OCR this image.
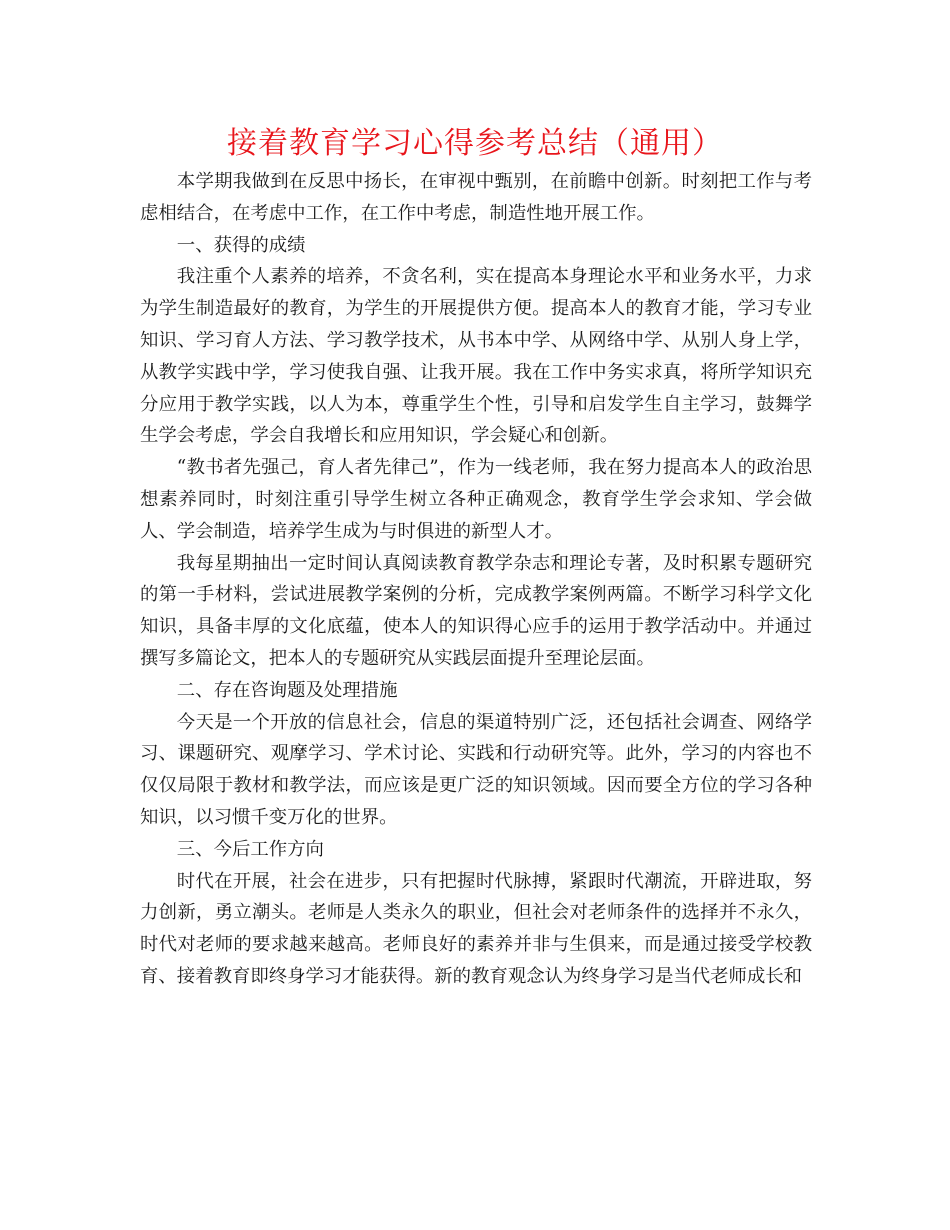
接着教育学习心得参考总结（通用）

本学期我做到在反思中扬长，在审视中甄别，在前瞻中创新。时刻把工作与考虑相结合，在考虑中工作，在工作中考虑，制造性地开展工作。

一、获得的成绩

我注重个人素养的培养，不贪名利，实在提高本身理论水平和业务水平，力求为学生制造最好的教育，为学生的开展提供方便。提高本人的教育才能，学习专业知识、学习育人方法、学习教学技术，从书本中学、从网络中学、从别人身上学，从教学实践中学，学习使我自强、让我开展。我在工作中务实求真，将所学知识充分应用于教学实践，以人为本，尊重学生个性，引导和启发学生自主学习，鼓舞学生学会考虑，学会自我增长和应用知识，学会疑心和创新。

“教书者先强己，育人者先律己”，作为一线老师，我在努力提高本人的政治思想素养同时，时刻注重引导学生树立各种正确观念，教育学生学会求知、学会做人、学会制造，培养学生成为与时俱进的新型人才。

我每星期抽出一定时间认真阅读教育教学杂志和理论专著，及时积累专题研究的第一手材料，尝试进展教学案例的分析，完成教学案例两篇。不断学习科学文化知识，具备丰厚的文化底蕴，使本人的知识得心应手的运用于教学活动中。并通过撰写多篇论文，把本人的专题研究从实践层面提升至理论层面。

二、存在咨询题及处理措施

今天是一个开放的信息社会，信息的渠道特别广泛，还包括社会调查、网络学习、课题研究、观摩学习、学术讨论、实践和行动研究等。此外，学习的内容也不仅仅局限于教材和教学法，而应该是更广泛的知识领域。因而要全方位的学习各种知识，以习惯千变万化的世界。

三、今后工作方向

时代在开展，社会在进步，只有把握时代脉搏，紧跟时代潮流，开辟进取，努力创新，勇立潮头。老师是人类永久的职业，但社会对老师条件的选择并不永久，时代对老师的要求越来越高。老师良好的素养并非与生俱来，而是通过接受学校教育、接着教育即终身学习才能获得。新的教育观念认为终身学习是当代老师成长和
